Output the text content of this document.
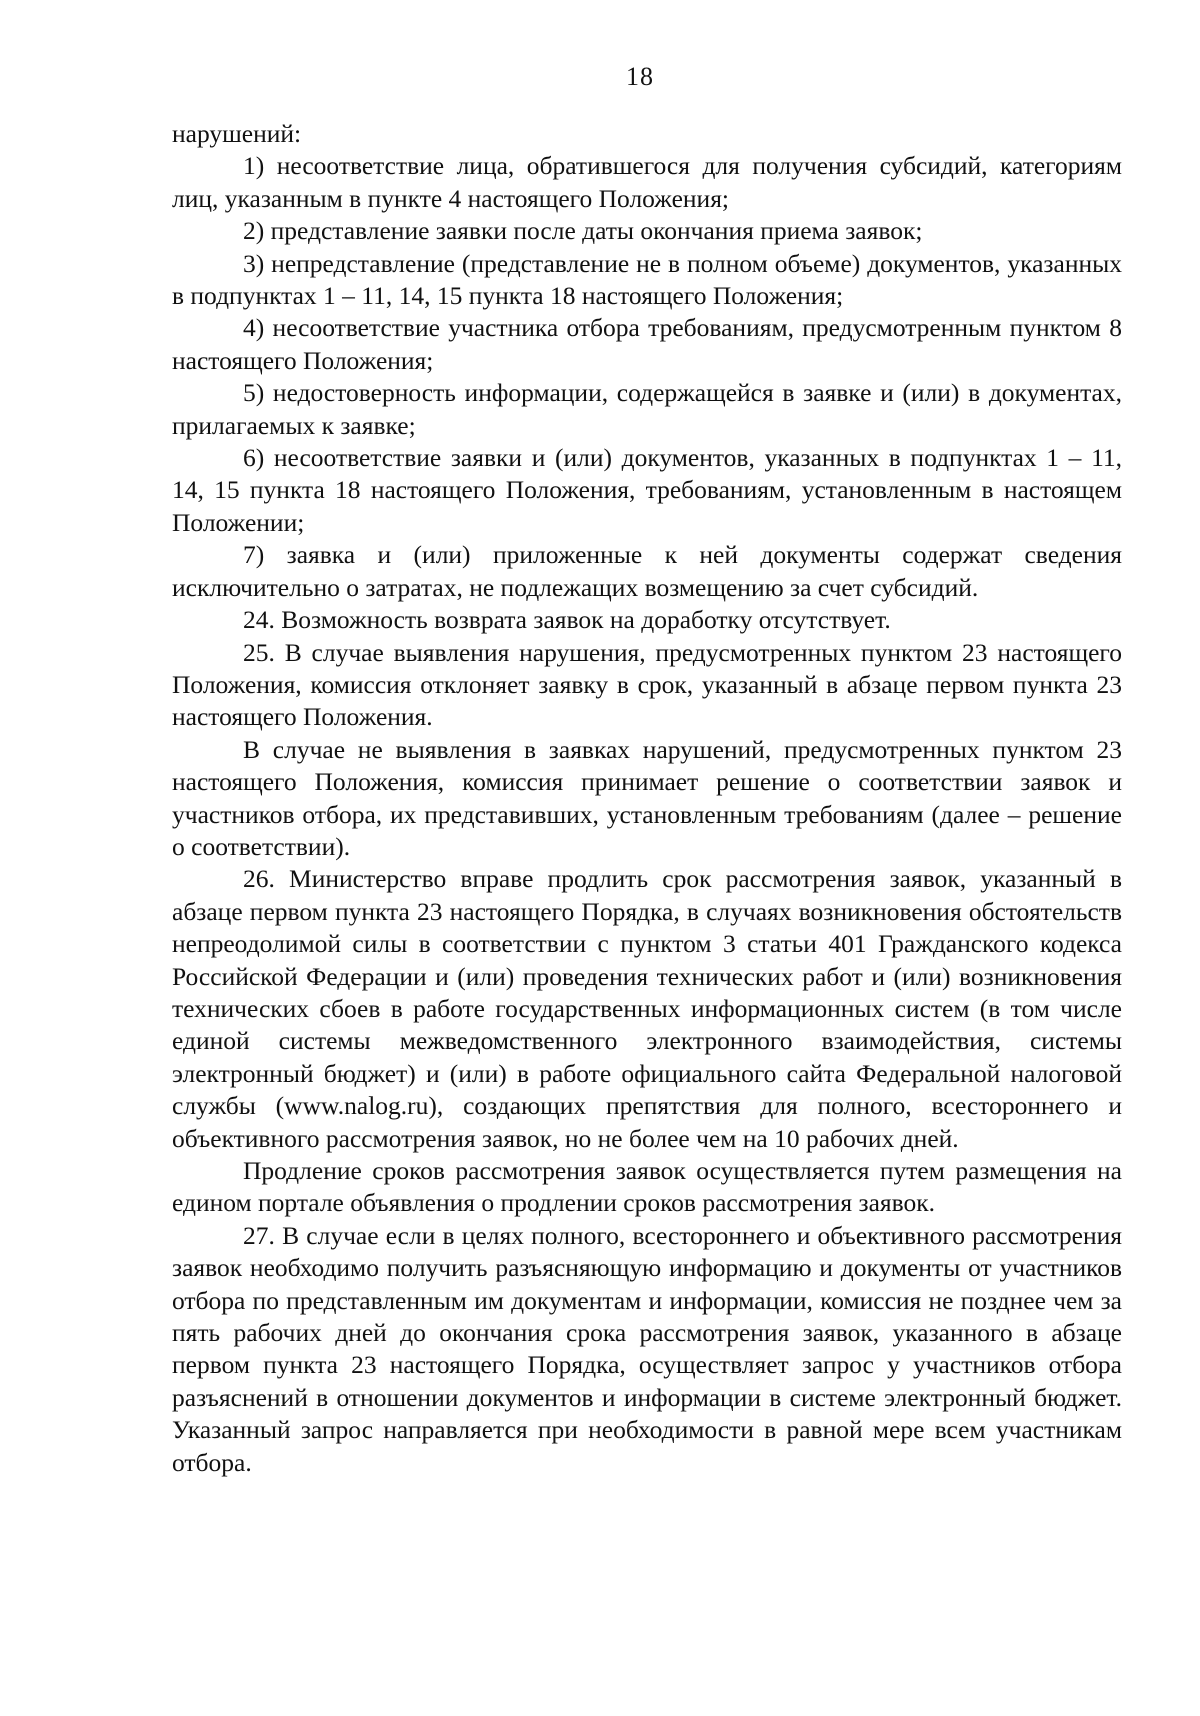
18

нарушений:

1) несоответствие лица, обратившегося для получения субсидий, категориям лиц, указанным в пункте 4 настоящего Положения;

2) представление заявки после даты окончания приема заявок;

3) непредставление (представление не в полном объеме) документов, указанных в подпунктах 1 – 11, 14, 15 пункта 18 настоящего Положения;

4) несоответствие участника отбора требованиям, предусмотренным пунктом 8 настоящего Положения;

5) недостоверность информации, содержащейся в заявке и (или) в документах, прилагаемых к заявке;

6) несоответствие заявки и (или) документов, указанных в подпунктах 1 – 11, 14, 15 пункта 18 настоящего Положения, требованиям, установленным в настоящем Положении;

7) заявка и (или) приложенные к ней документы содержат сведения исключительно о затратах, не подлежащих возмещению за счет субсидий.

24. Возможность возврата заявок на доработку отсутствует.

25. В случае выявления нарушения, предусмотренных пунктом 23 настоящего Положения, комиссия отклоняет заявку в срок, указанный в абзаце первом пункта 23 настоящего Положения.

В случае не выявления в заявках нарушений, предусмотренных пунктом 23 настоящего Положения, комиссия принимает решение о соответствии заявок и участников отбора, их представивших, установленным требованиям (далее – решение о соответствии).

26. Министерство вправе продлить срок рассмотрения заявок, указанный в абзаце первом пункта 23 настоящего Порядка, в случаях возникновения обстоятельств непреодолимой силы в соответствии с пунктом 3 статьи 401 Гражданского кодекса Российской Федерации и (или) проведения технических работ и (или) возникновения технических сбоев в работе государственных информационных систем (в том числе единой системы межведомственного электронного взаимодействия, системы электронный бюджет) и (или) в работе официального сайта Федеральной налоговой службы (www.nalog.ru), создающих препятствия для полного, всестороннего и объективного рассмотрения заявок, но не более чем на 10 рабочих дней.

Продление сроков рассмотрения заявок осуществляется путем размещения на едином портале объявления о продлении сроков рассмотрения заявок.

27. В случае если в целях полного, всестороннего и объективного рассмотрения заявок необходимо получить разъясняющую информацию и документы от участников отбора по представленным им документам и информации, комиссия не позднее чем за пять рабочих дней до окончания срока рассмотрения заявок, указанного в абзаце первом пункта 23 настоящего Порядка, осуществляет запрос у участников отбора разъяснений в отношении документов и информации в системе электронный бюджет. Указанный запрос направляется при необходимости в равной мере всем участникам отбора.
